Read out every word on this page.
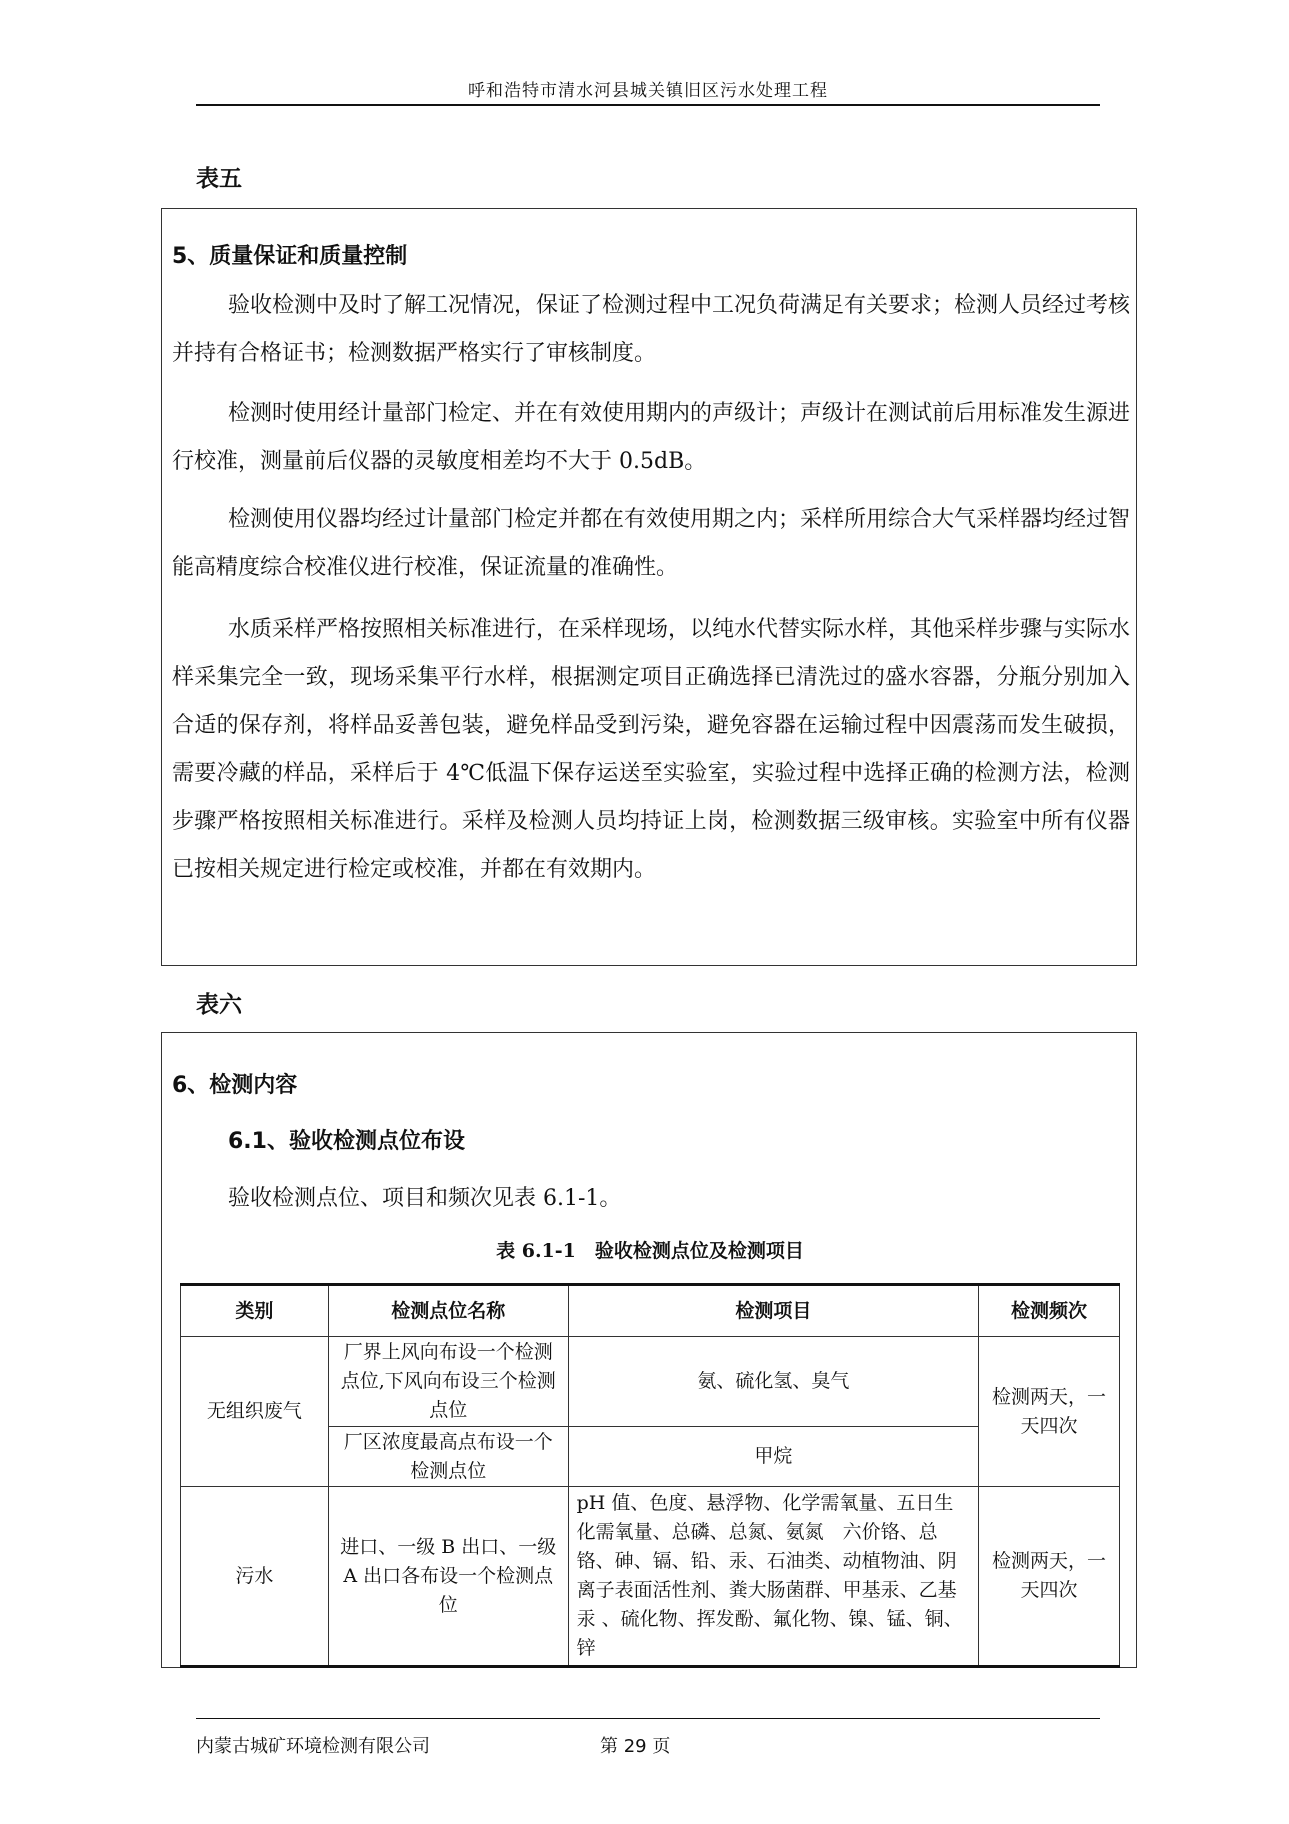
呼和浩特市清水河县城关镇旧区污水处理工程
表五
5、质量保证和质量控制

验收检测中及时了解工况情况，保证了检测过程中工况负荷满足有关要求；检测人员经过考核并持有合格证书；检测数据严格实行了审核制度。

检测时使用经计量部门检定、并在有效使用期内的声级计；声级计在测试前后用标准发生源进行校准，测量前后仪器的灵敏度相差均不大于 0.5dB。

检测使用仪器均经过计量部门检定并都在有效使用期之内；采样所用综合大气采样器均经过智能高精度综合校准仪进行校准，保证流量的准确性。

水质采样严格按照相关标准进行，在采样现场，以纯水代替实际水样，其他采样步骤与实际水样采集完全一致，现场采集平行水样，根据测定项目正确选择已清洗过的盛水容器，分瓶分别加入合适的保存剂，将样品妥善包装，避免样品受到污染，避免容器在运输过程中因震荡而发生破损，需要冷藏的样品，采样后于 4℃低温下保存运送至实验室，实验过程中选择正确的检测方法，检测步骤严格按照相关标准进行。采样及检测人员均持证上岗，检测数据三级审核。实验室中所有仪器已按相关规定进行检定或校准，并都在有效期内。

表六
6、检测内容
6.1、验收检测点位布设
验收检测点位、项目和频次见表 6.1-1。
表 6.1-1　验收检测点位及检测项目
类别	检测点位名称	检测项目	检测频次
无组织废气	厂界上风向布设一个检测点位,下风向布设三个检测点位	氨、硫化氢、臭气	检测两天，一天四次
	厂区浓度最高点布设一个检测点位	甲烷	
污水	进口、一级 B 出口、一级 A 出口各布设一个检测点位	pH 值、色度、悬浮物、化学需氧量、五日生化需氧量、总磷、总氮、氨氮　六价铬、总铬、砷、镉、铅、汞、石油类、动植物油、阴离子表面活性剂、粪大肠菌群、甲基汞、乙基汞 、硫化物、挥发酚、氟化物、镍、锰、铜、锌	检测两天，一天四次
内蒙古城矿环境检测有限公司	第 29 页
